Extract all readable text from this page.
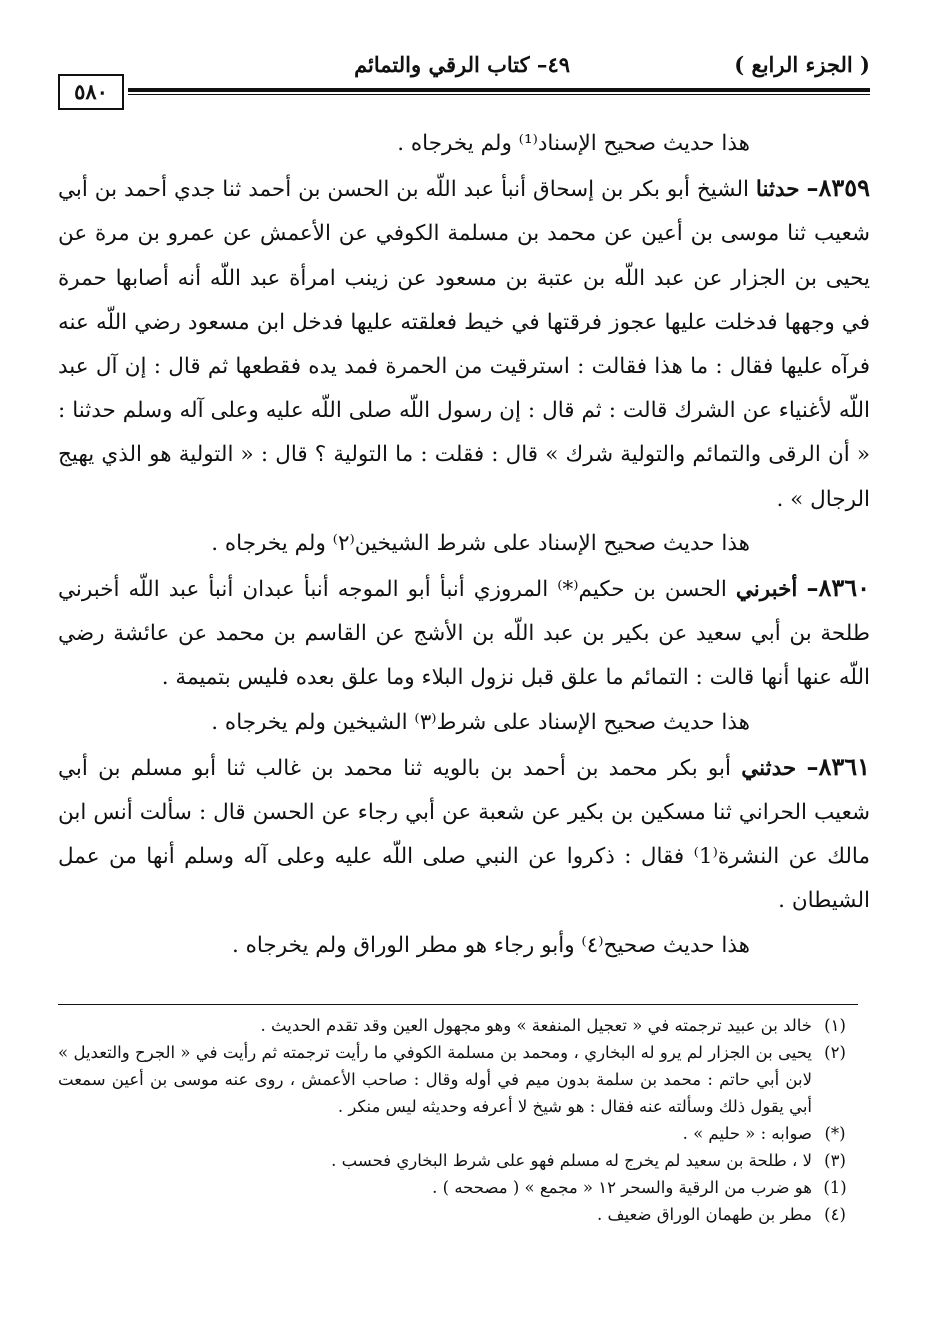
( الجزء الرابع )
٤٩– كتاب الرقي والتمائم
٥٨٠

هذا حديث صحيح الإسناد⁽¹⁾ ولم يخرجاه .

٨٣٥٩– حدثنا الشيخ أبو بكر بن إسحاق أنبأ عبد اللّه بن الحسن بن أحمد ثنا جدي أحمد بن أبي شعيب ثنا موسى بن أعين عن محمد بن مسلمة الكوفي عن الأعمش عن عمرو بن مرة عن يحيى بن الجزار عن عبد اللّه بن عتبة بن مسعود عن زينب امرأة عبد اللّه أنه أصابها حمرة في وجهها فدخلت عليها عجوز فرقتها في خيط فعلقته عليها فدخل ابن مسعود رضي اللّه عنه فرآه عليها فقال : ما هذا فقالت : استرقيت من الحمرة فمد يده فقطعها ثم قال : إن آل عبد اللّه لأغنياء عن الشرك قالت : ثم قال : إن رسول اللّه صلى اللّه عليه وعلى آله وسلم حدثنا : « أن الرقى والتمائم والتولية شرك » قال : فقلت : ما التولية ؟ قال : « التولية هو الذي يهيج الرجال » .

هذا حديث صحيح الإسناد على شرط الشيخين⁽٢⁾ ولم يخرجاه .

٨٣٦٠– أخبرني الحسن بن حكيم⁽*⁾ المروزي أنبأ أبو الموجه أنبأ عبدان أنبأ عبد اللّه أخبرني طلحة بن أبي سعيد عن بكير بن عبد اللّه بن الأشج عن القاسم بن محمد عن عائشة رضي اللّه عنها أنها قالت : التمائم ما علق قبل نزول البلاء وما علق بعده فليس بتميمة .

هذا حديث صحيح الإسناد على شرط⁽٣⁾ الشيخين ولم يخرجاه .

٨٣٦١– حدثني أبو بكر محمد بن أحمد بن بالويه ثنا محمد بن غالب ثنا أبو مسلم بن أبي شعيب الحراني ثنا مسكين بن بكير عن شعبة عن أبي رجاء عن الحسن قال : سألت أنس ابن مالك عن النشرة⁽1⁾ فقال : ذكروا عن النبي صلى اللّه عليه وعلى آله وسلم أنها من عمل الشيطان .

هذا حديث صحيح⁽٤⁾ وأبو رجاء هو مطر الوراق ولم يخرجاه .

(١)
خالد بن عبيد ترجمته في « تعجيل المنفعة » وهو مجهول العين وقد تقدم الحديث .

(٢)
يحيى بن الجزار لم يرو له البخاري ، ومحمد بن مسلمة الكوفي ما رأيت ترجمته ثم رأيت في « الجرح والتعديل » لابن أبي حاتم : محمد بن سلمة بدون ميم في أوله وقال : صاحب الأعمش ، روى عنه موسى بن أعين سمعت أبي يقول ذلك وسألته عنه فقال : هو شيخ لا أعرفه وحديثه ليس منكر .

(*)
صوابه : « حليم » .

(٣)
لا ، طلحة بن سعيد لم يخرج له مسلم فهو على شرط البخاري فحسب .

(1)
هو ضرب من الرقية والسحر ١٢ « مجمع » ( مصححه ) .

(٤)
مطر بن طهمان الوراق ضعيف .
